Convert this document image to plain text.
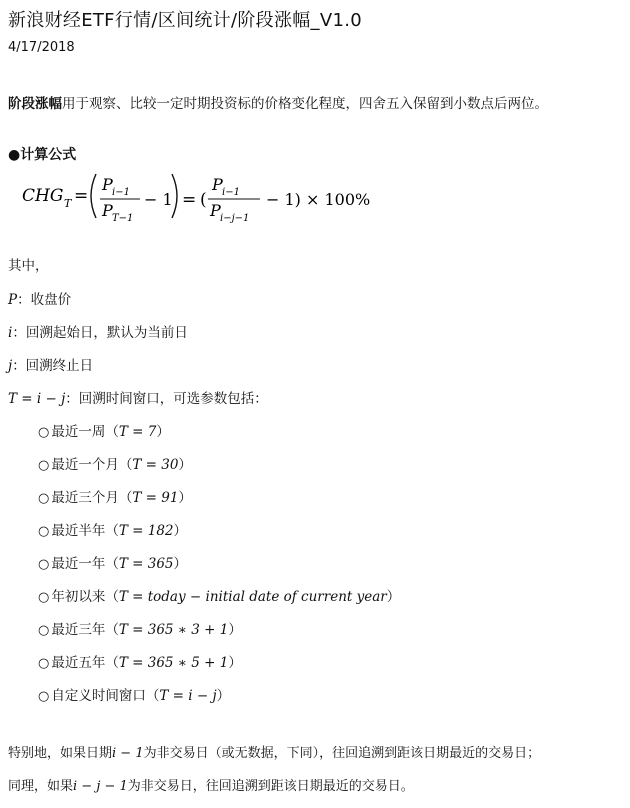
新浪财经ETF行情/区间统计/阶段涨幅_V1.0
4/17/2018
阶段涨幅用于观察、比较一定时期投资标的价格变化程度，四舍五入保留到小数点后两位。
●计算公式
CHG T =
P i−1
P T−1
− 1 = (
P i−1
P i−j−1
− 1) × 100%
其中，
P：收盘价
i：回溯起始日，默认为当前日
j：回溯终止日
T = i − j：回溯时间窗口，可选参数包括：
○ 最近一周（T = 7）
○ 最近一个月（T = 30）
○ 最近三个月（T = 91）
○ 最近半年（T = 182）
○ 最近一年（T = 365）
○ 年初以来（T = today − initial date of current year）
○ 最近三年（T = 365 ∗ 3 + 1）
○ 最近五年（T = 365 ∗ 5 + 1）
○ 自定义时间窗口（T = i − j）
特别地，如果日期i − 1为非交易日（或无数据，下同），往回追溯到距该日期最近的交易日；
同理，如果i − j − 1为非交易日，往回追溯到距该日期最近的交易日。
